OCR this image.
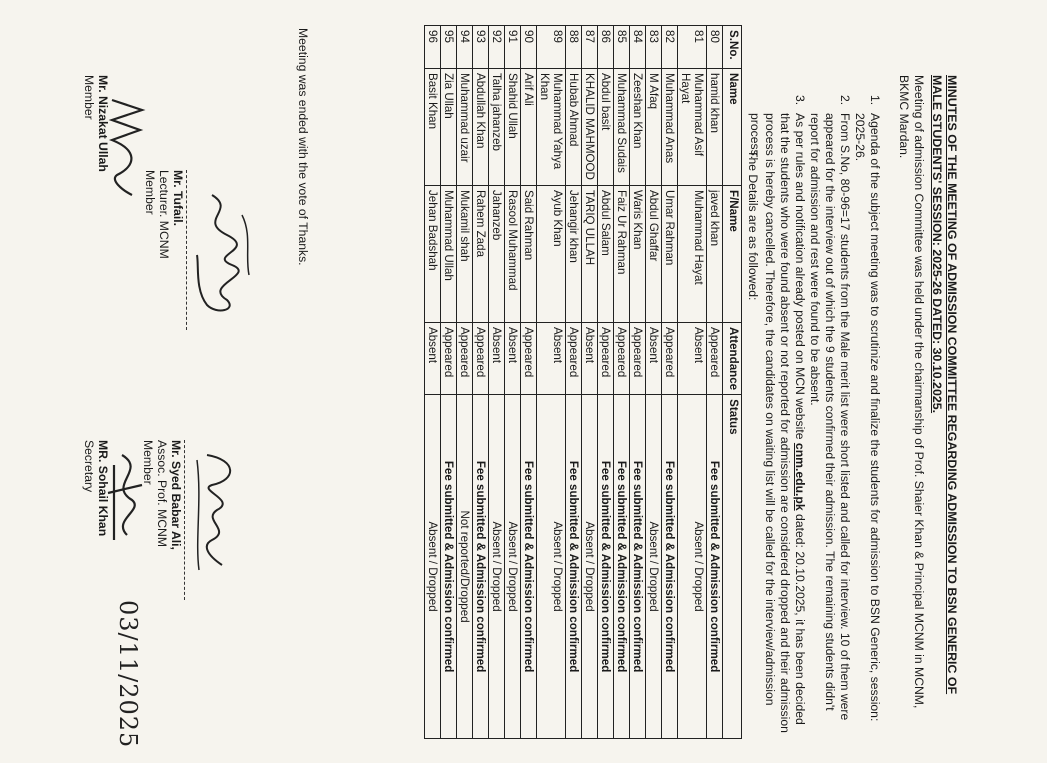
MINUTES OF THE MEETING OF ADMISSION COMMITTEE REGARDING ADMISSION TO BSN GENERIC OF MALE STUDENTS' SESSION: 2025-26 DATED: 30.10.2025.
Meeting of admission Committee was held under the chairmanship of Prof. Shaier Khan & Principal MCNM in MCNM, BKMC Mardan.
1.
Agenda of the subject meeting was to scrutinize and finalize the students for admission to BSN Generic, session: 2025-26.
2.
From S.No, 80-96=17 students from the Male merit list were short listed and called for interview. 10 of them were appeared for the interview out of which the 9 students confirmed their admission. The remaining students didn't report for admission and rest were found to be absent.
3.
As per rules and notification already posted on MCN website cnm.edu.pk dated: 20.10.2025, it has been decided that the students who were found absent or not reported for admission are considered dropped and their admission process is hereby cancelled. Therefore, the candidates on waiting list will be called for the interview/admission process.
The Details are as followed:
S.No.	Name	F/Name	Attendance	Status
80	hamid khan	javed khan	Appeared	Fee submitted & Admission confirmed
81	Muhammad Asif Hayat	Muhammad Hayat	Absent	Absent / Dropped
82	Muhammad Anas	Umar Rahman	Appeared	Fee submitted & Admission confirmed
83	M Afaq	Abdul Ghaffar	Absent	Absent / Dropped
84	Zeeshan Khan	Waris Khan	Appeared	Fee submitted & Admission confirmed
85	Muhammad Sudais	Faiz Ur Rahman	Appeared	Fee submitted & Admission confirmed
86	Abdul basit	Abdul Salam	Appeared	Fee submitted & Admission confirmed
87	KHALID MAHMOOD	TARIQ ULLAH	Absent	Absent / Dropped
88	Hubab Ahmad	Jehangir khan	Appeared	Fee submitted & Admission confirmed
89	Muhammad Yahya Khan	Ayub Khan	Absent	Absent / Dropped
90	Arif Ali	Said Rahman	Appeared	Fee submitted & Admission confirmed
91	Shahid Ullah	Rasool Muhammad	Absent	Absent / Dropped
92	Talha jahanzeb	Jahanzeb	Absent	Absent / Dropped
93	Abdullah Khan	Rahem Zada	Appeared	Fee submitted & Admission confirmed
94	Muhammad uzair	Mukamil shah	Appeared	Not reported/Dropped
95	Zia Ullah	Muhammad Ullah	Appeared	Fee submitted & Admission confirmed
96	Basit Khan	Jehan Badshah	Absent	Absent / Dropped
Meeting was ended with the vote of Thanks.
Mr. Tufail.
Lecturer. MCNM
Member
Mr. Syed Babar Ali,
Assoc. Prof. MCNM
Member
Mr. Nizakat Ullah
Member
MR. Sohail Khan
Secretary
03/11/2025
